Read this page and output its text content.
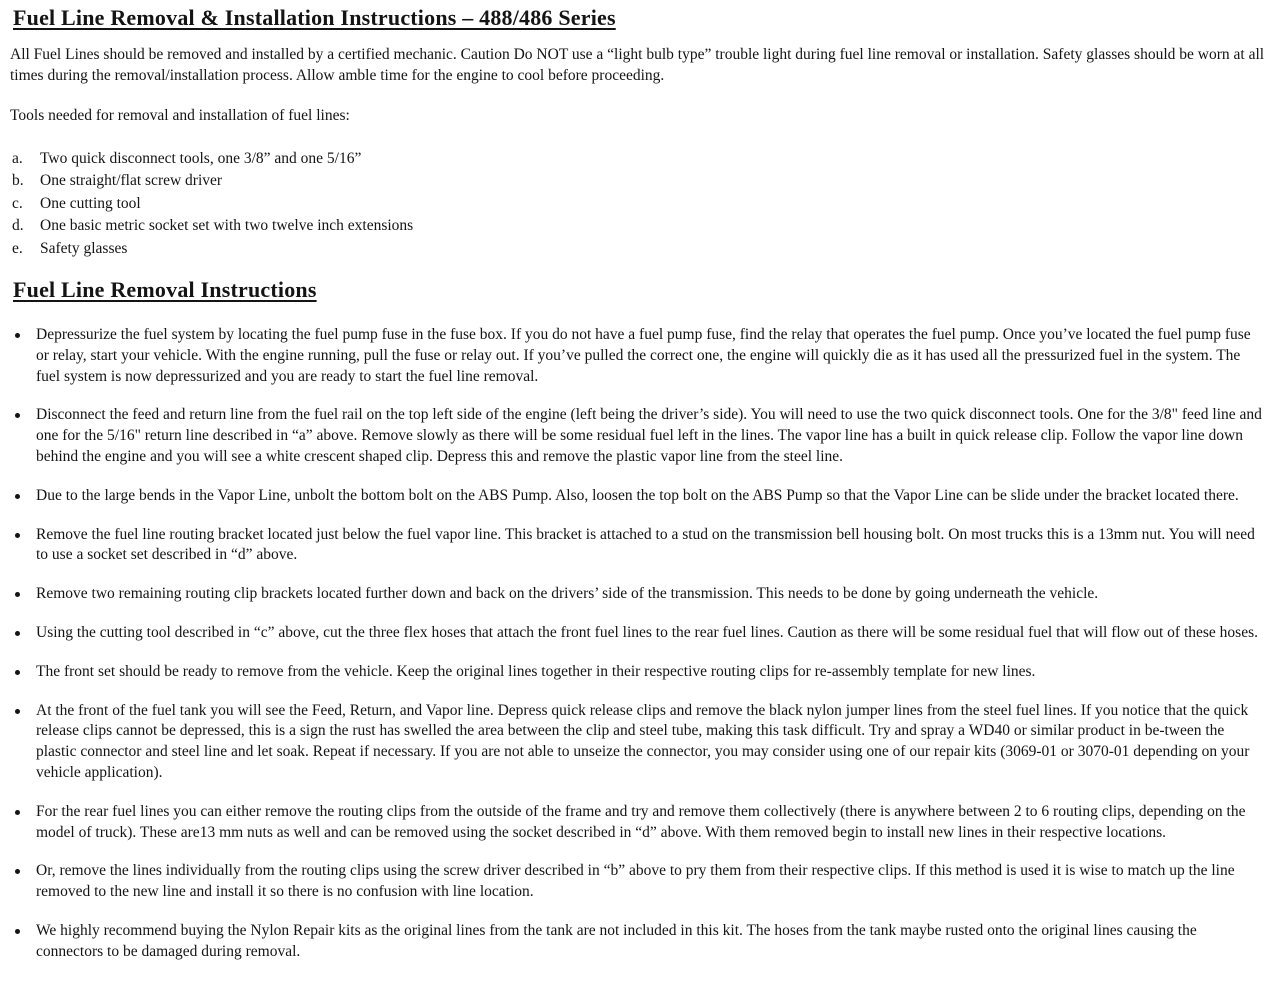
Fuel Line Removal & Installation Instructions – 488/486 Series

All Fuel Lines should be removed and installed by a certified mechanic. Caution Do NOT use a “light bulb type” trouble light during fuel line removal or installation. Safety glasses should be worn at all times during the removal/installation process. Allow amble time for the engine to cool before proceeding.

Tools needed for removal and installation of fuel lines:

a.	Two quick disconnect tools, one 3/8” and one 5/16”
b.	One straight/flat screw driver
c.	One cutting tool
d.	One basic metric socket set with two twelve inch extensions
e.	Safety glasses
Fuel Line Removal Instructions
Depressurize the fuel system by locating the fuel pump fuse in the fuse box. If you do not have a fuel pump fuse, find the relay that operates the fuel pump. Once you’ve located the fuel pump fuse or relay, start your vehicle. With the engine running, pull the fuse or relay out. If you’ve pulled the correct one, the engine will quickly die as it has used all the pressurized fuel in the system. The fuel system is now depressurized and you are ready to start the fuel line removal.
Disconnect the feed and return line from the fuel rail on the top left side of the engine (left being the driver’s side). You will need to use the two quick disconnect tools. One for the 3/8" feed line and one for the 5/16" return line described in “a” above. Remove slowly as there will be some residual fuel left in the lines. The vapor line has a built in quick release clip. Follow the vapor line down behind the engine and you will see a white crescent shaped clip. Depress this and remove the plastic vapor line from the steel line.
Due to the large bends in the Vapor Line, unbolt the bottom bolt on the ABS Pump. Also, loosen the top bolt on the ABS Pump so that the Vapor Line can be slide under the bracket located there.
Remove the fuel line routing bracket located just below the fuel vapor line. This bracket is attached to a stud on the transmission bell housing bolt. On most trucks this is a 13mm nut. You will need to use a socket set described in “d” above.
Remove two remaining routing clip brackets located further down and back on the drivers’ side of the transmission. This needs to be done by going underneath the vehicle.
Using the cutting tool described in “c” above, cut the three flex hoses that attach the front fuel lines to the rear fuel lines. Caution as there will be some residual fuel that will flow out of these hoses.
The front set should be ready to remove from the vehicle. Keep the original lines together in their respective routing clips for re-assembly template for new lines.
At the front of the fuel tank you will see the Feed, Return, and Vapor line. Depress quick release clips and remove the black nylon jumper lines from the steel fuel lines. If you notice that the quick release clips cannot be depressed, this is a sign the rust has swelled the area between the clip and steel tube, making this task difficult. Try and spray a WD40 or similar product in be-tween the plastic connector and steel line and let soak. Repeat if necessary. If you are not able to unseize the connector, you may consider using one of our repair kits (3069-01 or 3070-01 depending on your vehicle application).
For the rear fuel lines you can either remove the routing clips from the outside of the frame and try and remove them collectively (there is anywhere between 2 to 6 routing clips, depending on the model of truck). These are13 mm nuts as well and can be removed using the socket described in “d” above. With them removed begin to install new lines in their respective locations.
Or, remove the lines individually from the routing clips using the screw driver described in “b” above to pry them from their respective clips. If this method is used it is wise to match up the line removed to the new line and install it so there is no confusion with line location.
We highly recommend buying the Nylon Repair kits as the original lines from the tank are not included in this kit. The hoses from the tank maybe rusted onto the original lines causing the connectors to be damaged during removal.
